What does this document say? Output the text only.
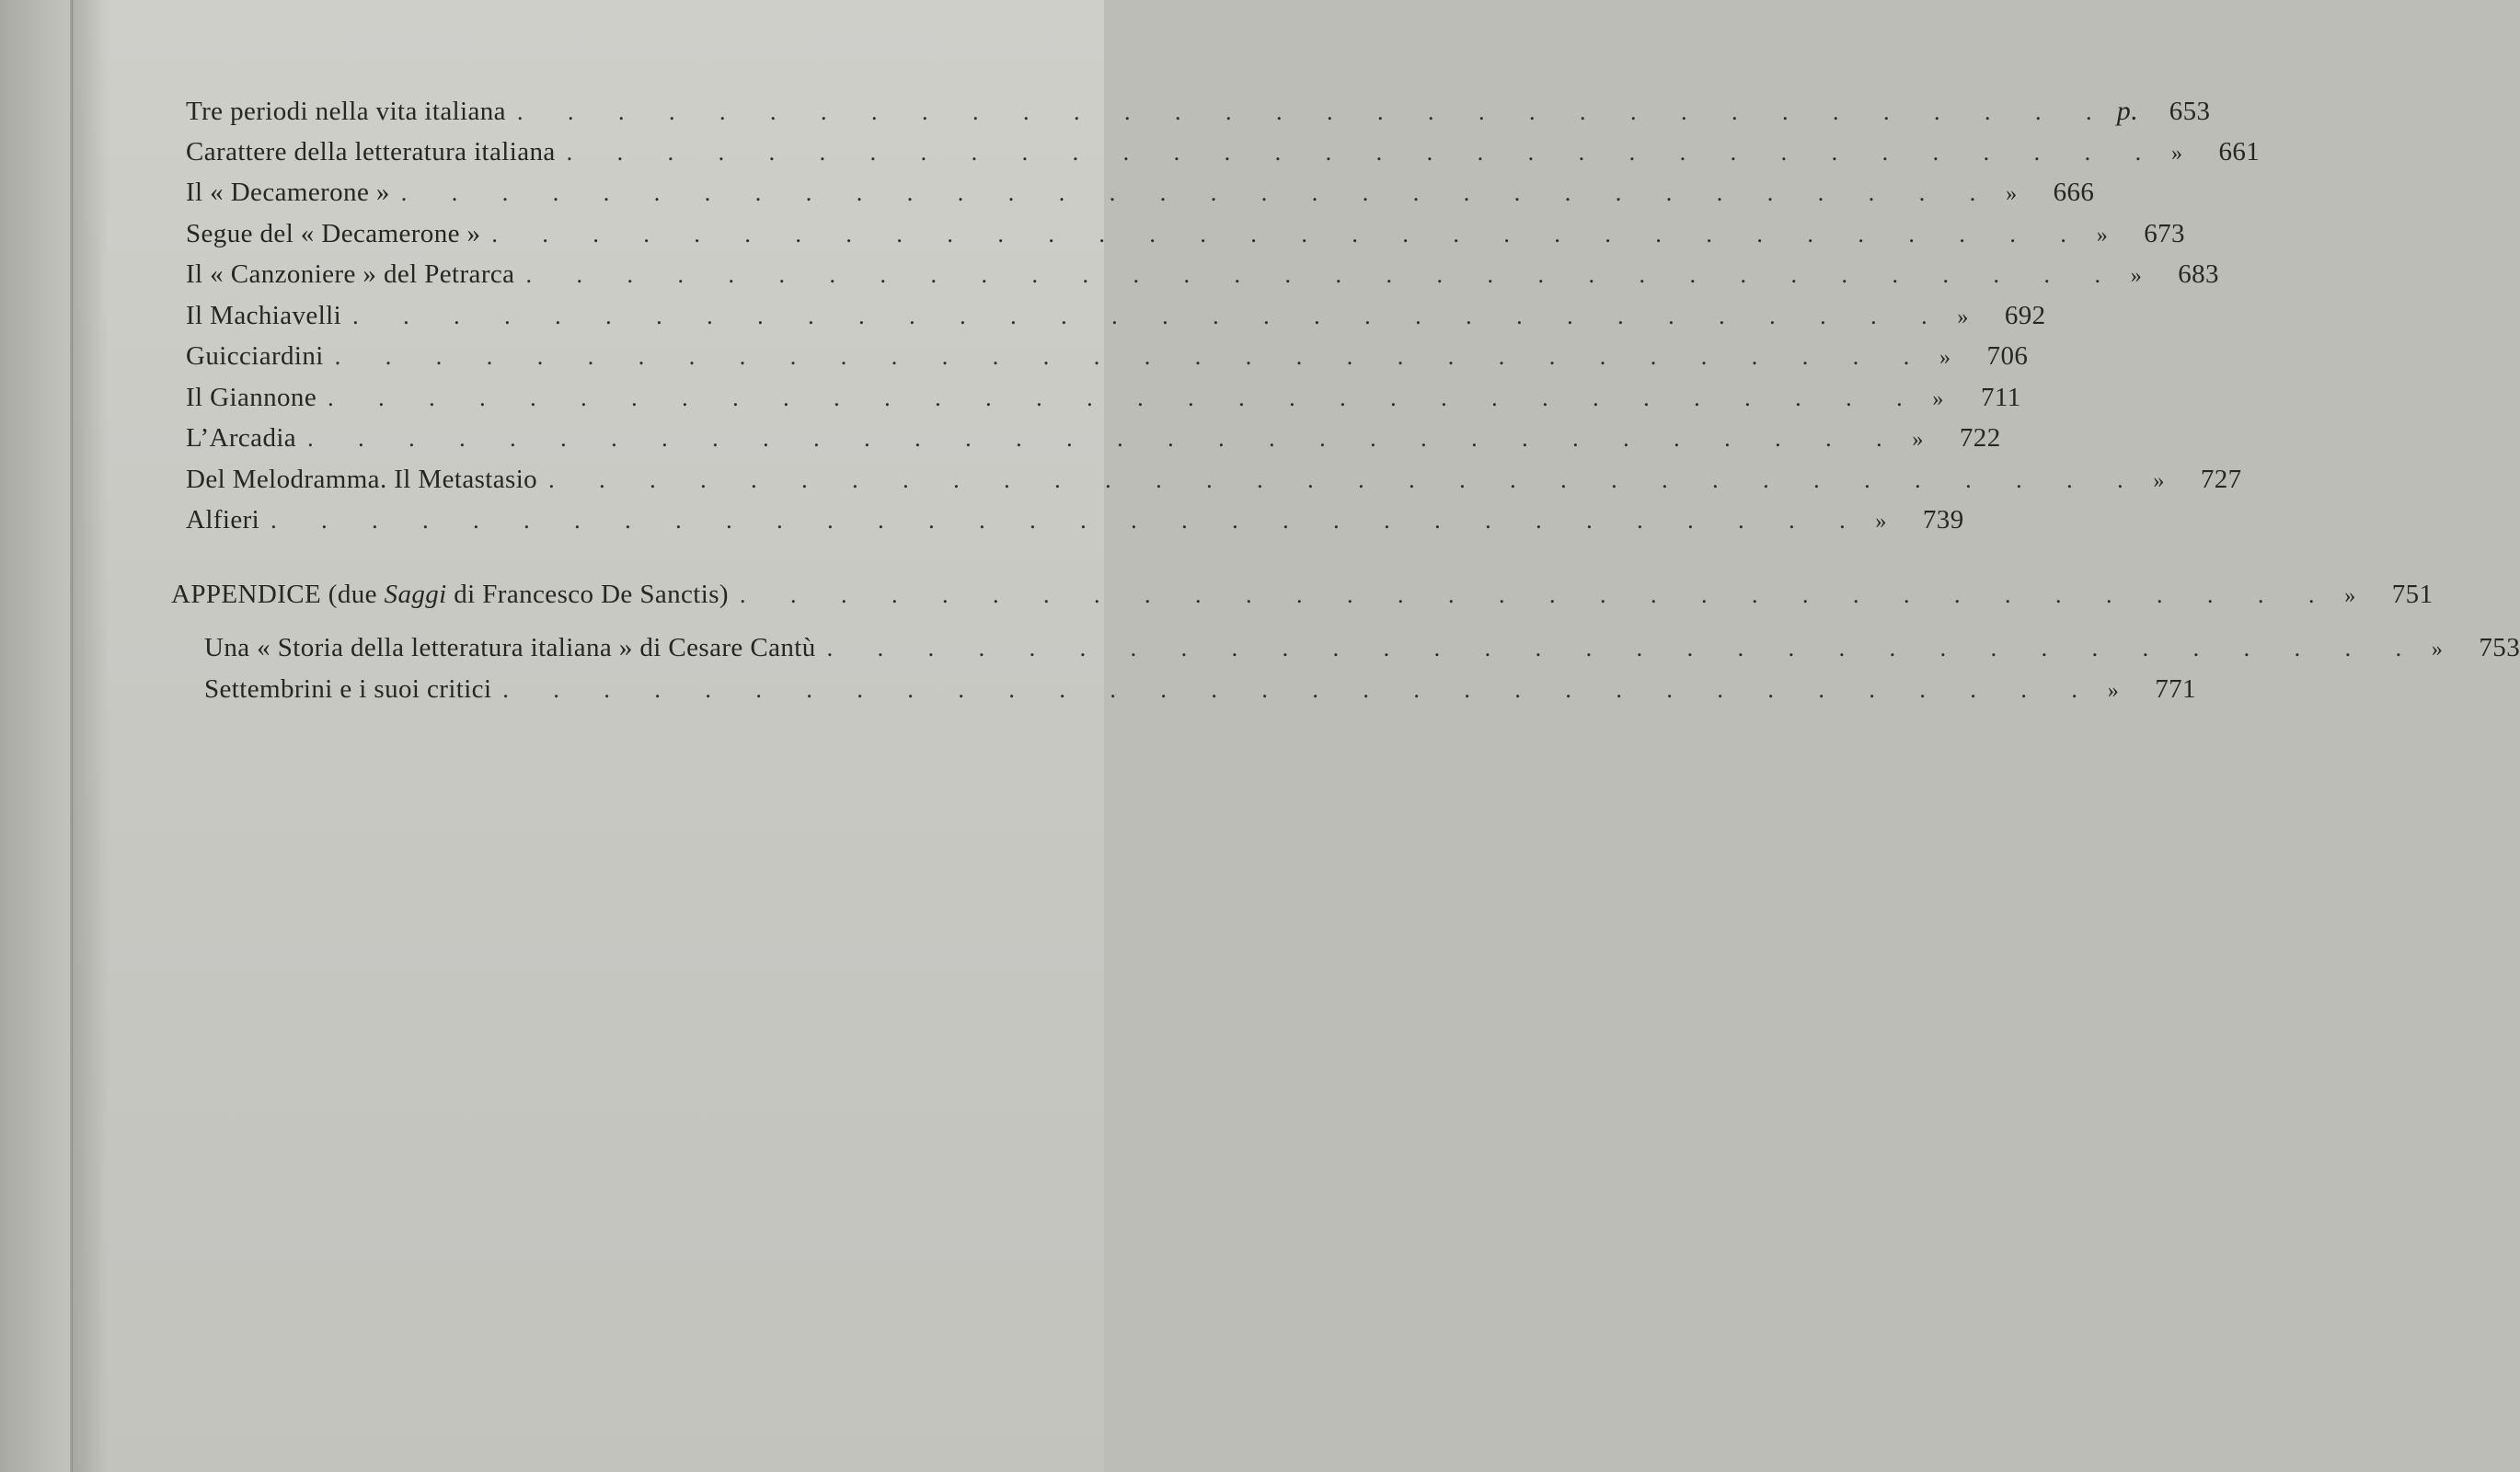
Tre periodi nella vita italiana . . . . . . . . . . . . . . . . . . . . . . . . . . . . . . . . p.	653
Carattere della letteratura italiana . . . . . . . . . . . . . . . . . . . . . . . . . . . . . . . . »	661
Il « Decamerone » . . . . . . . . . . . . . . . . . . . . . . . . . . . . . . . . »	666
Segue del « Decamerone » . . . . . . . . . . . . . . . . . . . . . . . . . . . . . . . . »	673
Il « Canzoniere » del Petrarca . . . . . . . . . . . . . . . . . . . . . . . . . . . . . . . . »	683
Il Machiavelli . . . . . . . . . . . . . . . . . . . . . . . . . . . . . . . . »	692
Guicciardini . . . . . . . . . . . . . . . . . . . . . . . . . . . . . . . . »	706
Il Giannone . . . . . . . . . . . . . . . . . . . . . . . . . . . . . . . . »	711
L’Arcadia . . . . . . . . . . . . . . . . . . . . . . . . . . . . . . . . »	722
Del Melodramma. Il Metastasio . . . . . . . . . . . . . . . . . . . . . . . . . . . . . . . . »	727
Alfieri . . . . . . . . . . . . . . . . . . . . . . . . . . . . . . . . »	739
APPENDICE (due Saggi di Francesco De Sanctis) . . . . . . . . . . . . . . . . . . . . . . . . . . . . . . . . »	751
Una « Storia della letteratura italiana » di Cesare Cantù . . . . . . . . . . . . . . . . . . . . . . . . . . . . . . . . »	753
Settembrini e i suoi critici . . . . . . . . . . . . . . . . . . . . . . . . . . . . . . . . »	771
